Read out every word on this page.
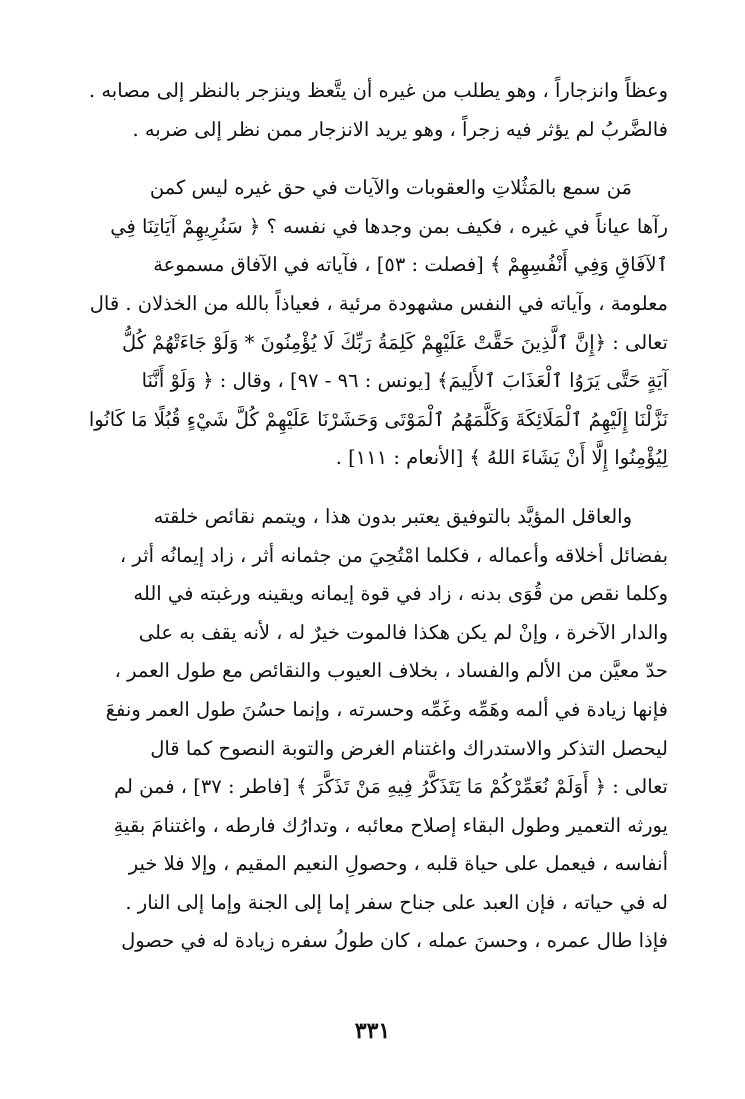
وعظاً وانزجاراً ، وهو يطلب من غيره أن يتَّعظ وينزجر بالنظر إلى مصابه .
فالضَّربُ لم يؤثر فيه زجراً ، وهو يريد الانزجار ممن نظر إلى ضربه .

مَن سمع بالمَثُلاتِ والعقوبات والآيات في حق غيره ليس كمن
رآها عياناً في غيره ، فكيف بمن وجدها في نفسه ؟ ﴿ سَنُرِيهِمْ آيَاتِنَا فِي
ٱلآفَاقِ وَفِي أَنْفُسِهِمْ ﴾ [فصلت : ٥٣] ، فآياته في الآفاق مسموعة
معلومة ، وآياته في النفس مشهودة مرئية ، فعياذاً بالله من الخذلان . قال
تعالى : ﴿إِنَّ ٱلَّذِينَ حَقَّتْ عَلَيْهِمْ كَلِمَةُ رَبِّكَ لَا يُؤْمِنُونَ * وَلَوْ جَاءَتْهُمْ كُلُّ
آيَةٍ حَتَّى يَرَوُا ٱلْعَذَابَ ٱلأَلِيمَ﴾ [يونس : ٩٦ - ٩٧] ، وقال : ﴿ وَلَوْ أَنَّنَا
نَزَّلْنَا إِلَيْهِمُ ٱلْمَلَائِكَةَ وَكَلَّمَهُمُ ٱلْمَوْتَى وَحَشَرْنَا عَلَيْهِمْ كُلَّ شَيْءٍ قُبُلًا مَا كَانُوا
لِيُؤْمِنُوا إِلَّا أَنْ يَشَاءَ اللهُ ﴾ [الأنعام : ١١١] .

والعاقل المؤيَّد بالتوفيق يعتبر بدون هذا ، ويتمم نقائص خلقته
بفضائل أخلاقه وأعماله ، فكلما امْتُحِيَ من جثمانه أثر ، زاد إيمانُه أثر ،
وكلما نقص من قُوَى بدنه ، زاد في قوة إيمانه ويقينه ورغبته في الله
والدار الآخرة ، وإنْ لم يكن هكذا فالموت خيرٌ له ، لأنه يقف به على
حدّ معيَّن من الألم والفساد ، بخلاف العيوب والنقائص مع طول العمر ،
فإنها زيادة في ألمه وهَمِّه وغَمِّه وحسرته ، وإنما حسُنَ طول العمر ونفعَ
ليحصل التذكر والاستدراك واغتنام الغرض والتوبة النصوح كما قال
تعالى : ﴿ أَوَلَمْ نُعَمِّرْكُمْ مَا يَتَذَكَّرُ فِيهِ مَنْ تَذَكَّرَ ﴾ [فاطر : ٣٧] ، فمن لم
يورثه التعمير وطول البقاء إصلاح معائبه ، وتدارُك فارطه ، واغتنامَ بقيةِ
أنفاسه ، فيعمل على حياة قلبه ، وحصولِ النعيم المقيم ، وإلا فلا خير
له في حياته ، فإن العبد على جناح سفر إما إلى الجنة وإما إلى النار .
فإذا طال عمره ، وحسنَ عمله ، كان طولُ سفره زيادة له في حصول

٣٣١
